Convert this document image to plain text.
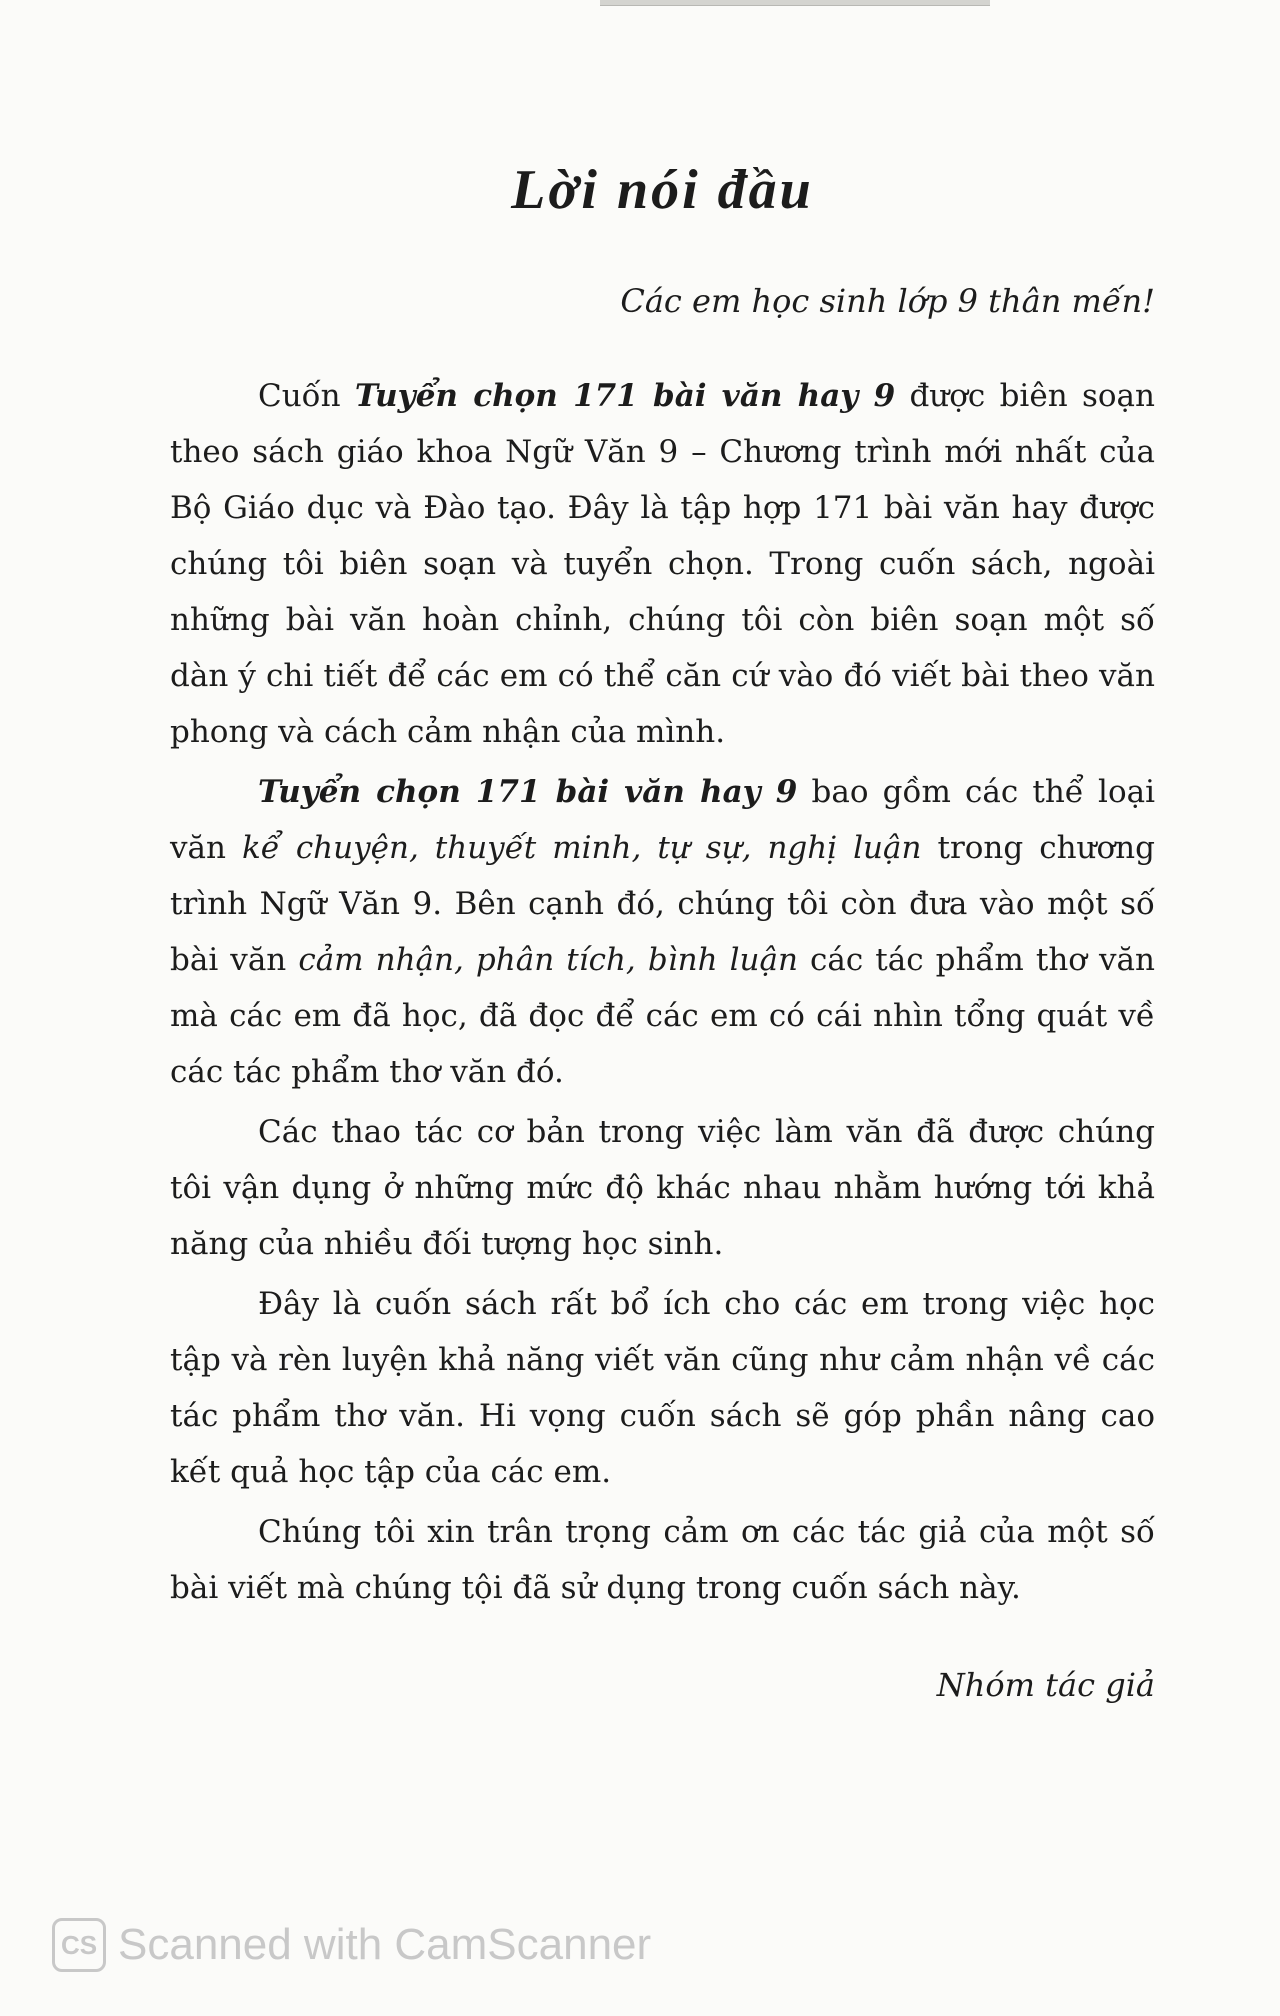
Lời nói đầu

Các em học sinh lớp 9 thân mến!

Cuốn Tuyển chọn 171 bài văn hay 9 được biên soạn theo sách giáo khoa Ngữ Văn 9 – Chương trình mới nhất của Bộ Giáo dục và Đào tạo. Đây là tập hợp 171 bài văn hay được chúng tôi biên soạn và tuyển chọn. Trong cuốn sách, ngoài những bài văn hoàn chỉnh, chúng tôi còn biên soạn một số dàn ý chi tiết để các em có thể căn cứ vào đó viết bài theo văn phong và cách cảm nhận của mình.

Tuyển chọn 171 bài văn hay 9 bao gồm các thể loại văn kể chuyện, thuyết minh, tự sự, nghị luận trong chương trình Ngữ Văn 9. Bên cạnh đó, chúng tôi còn đưa vào một số bài văn cảm nhận, phân tích, bình luận các tác phẩm thơ văn mà các em đã học, đã đọc để các em có cái nhìn tổng quát về các tác phẩm thơ văn đó.

Các thao tác cơ bản trong việc làm văn đã được chúng tôi vận dụng ở những mức độ khác nhau nhằm hướng tới khả năng của nhiều đối tượng học sinh.

Đây là cuốn sách rất bổ ích cho các em trong việc học tập và rèn luyện khả năng viết văn cũng như cảm nhận về các tác phẩm thơ văn. Hi vọng cuốn sách sẽ góp phần nâng cao kết quả học tập của các em.

Chúng tôi xin trân trọng cảm ơn các tác giả của một số bài viết mà chúng tội đã sử dụng trong cuốn sách này.

Nhóm tác giả

CS Scanned with CamScanner
